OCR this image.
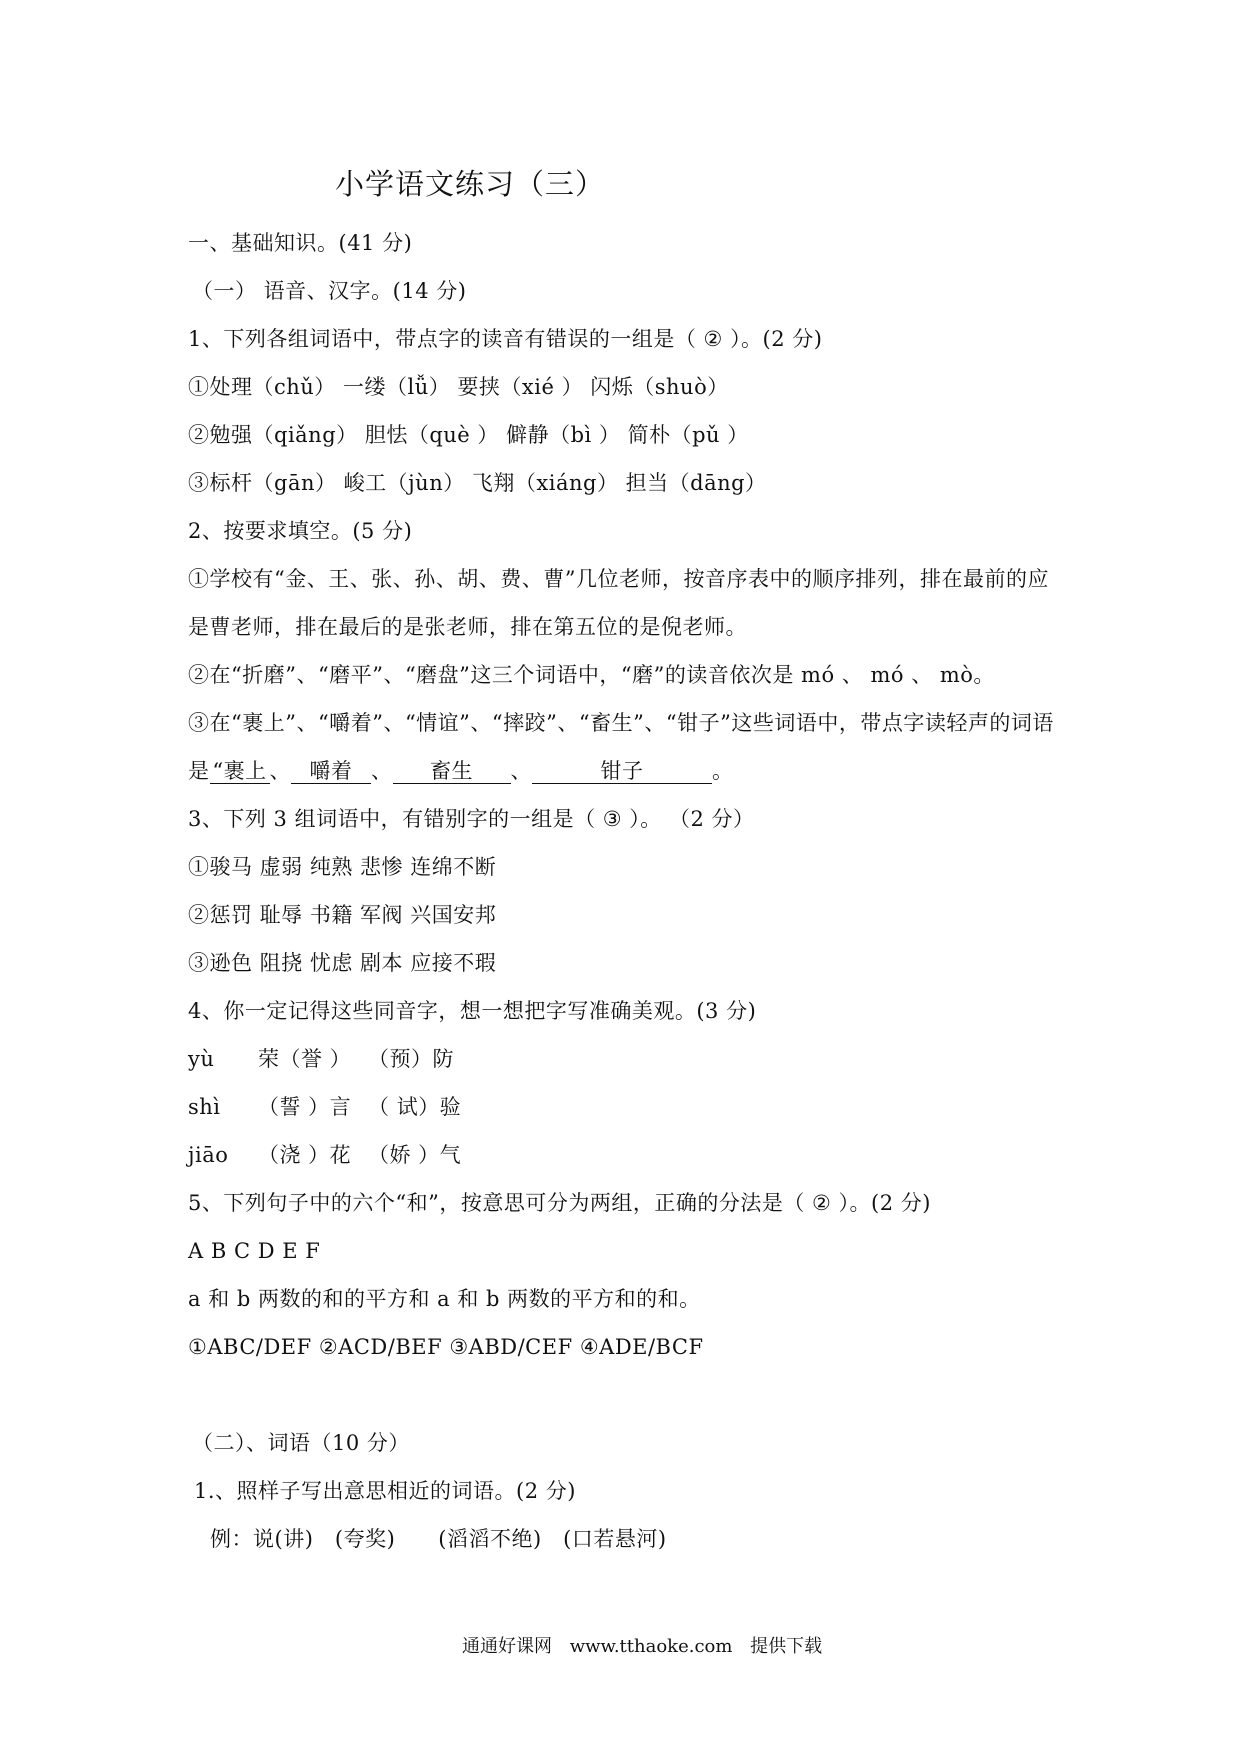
小学语文练习（三）
一、基础知识。(41 分)
（一） 语音、汉字。(14 分)
1、下列各组词语中，带点字的读音有错误的一组是（ ② ）。(2 分)
①处理（chǔ） 一缕（lǚ） 要挟（xié ） 闪烁（shuò）
②勉强（qiǎng） 胆怯（què ） 僻静（bì ） 简朴（pǔ ）
③标杆（gān） 峻工（jùn） 飞翔（xiáng） 担当（dāng）
2、按要求填空。(5 分)
①学校有“金、王、张、孙、胡、费、曹”几位老师，按音序表中的顺序排列，排在最前的应
是曹老师，排在最后的是张老师，排在第五位的是倪老师。
②在“折磨”、“磨平”、“磨盘”这三个词语中，“磨”的读音依次是 mó 、 mó 、 mò。
③在“裹上”、“嚼着”、“情谊”、“摔跤”、“畜生”、“钳子”这些词语中，带点字读轻声的词语
是 “裹上 、 嚼着 、 畜生 、	钳子	。
3、下列 3 组词语中，有错别字的一组是（ ③ ）。 （2 分）
①骏马 虚弱 纯熟 悲惨 连绵不断
②惩罚 耻辱 书籍 军阀 兴国安邦
③逊色 阻挠 忧虑 剧本 应接不瑕
4、你一定记得这些同音字，想一想把字写准确美观。(3 分)
yù 荣（誉 ） （预）防
shì （誓 ）言 （ 试）验
jiāo （浇 ）花 （娇 ）气
5、下列句子中的六个“和”，按意思可分为两组，正确的分法是（ ② ）。(2 分)
A B C D E F
a 和 b 两数的和的平方和 a 和 b 两数的平方和的和。
①ABC/DEF ②ACD/BEF ③ABD/CEF ④ADE/BCF
（二）、词语（10 分）
1.、照样子写出意思相近的词语。(2 分)
例：说(讲)　(夸奖)　　(滔滔不绝)　(口若悬河)
通通好课网 www.tthaoke.com 提供下载
